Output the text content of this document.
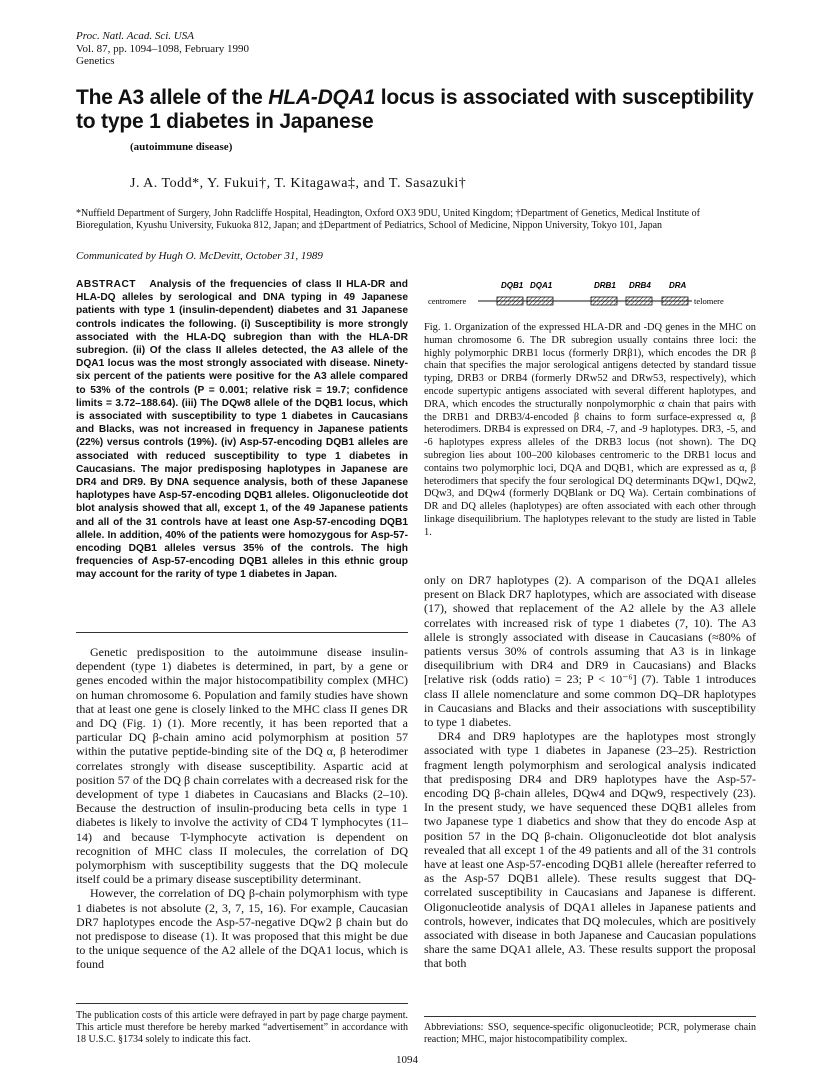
Proc. Natl. Acad. Sci. USA
Vol. 87, pp. 1094–1098, February 1990
Genetics
The A3 allele of the HLA-DQA1 locus is associated with susceptibility to type 1 diabetes in Japanese
(autoimmune disease)
J. A. Todd*, Y. Fukui†, T. Kitagawa‡, and T. Sasazuki†
*Nuffield Department of Surgery, John Radcliffe Hospital, Headington, Oxford OX3 9DU, United Kingdom; †Department of Genetics, Medical Institute of Bioregulation, Kyushu University, Fukuoka 812, Japan; and ‡Department of Pediatrics, School of Medicine, Nippon University, Tokyo 101, Japan
Communicated by Hugh O. McDevitt, October 31, 1989
ABSTRACT Analysis of the frequencies of class II HLA-DR and HLA-DQ alleles by serological and DNA typing in 49 Japanese patients with type 1 (insulin-dependent) diabetes and 31 Japanese controls indicates the following. (i) Susceptibility is more strongly associated with the HLA-DQ subregion than with the HLA-DR subregion. (ii) Of the class II alleles detected, the A3 allele of the DQA1 locus was the most strongly associated with disease. Ninety-six percent of the patients were positive for the A3 allele compared to 53% of the controls (P = 0.001; relative risk = 19.7; confidence limits = 3.72–188.64). (iii) The DQw8 allele of the DQB1 locus, which is associated with susceptibility to type 1 diabetes in Caucasians and Blacks, was not increased in frequency in Japanese patients (22%) versus controls (19%). (iv) Asp-57-encoding DQB1 alleles are associated with reduced susceptibility to type 1 diabetes in Caucasians. The major predisposing haplotypes in Japanese are DR4 and DR9. By DNA sequence analysis, both of these Japanese haplotypes have Asp-57-encoding DQB1 alleles. Oligonucleotide dot blot analysis showed that all, except 1, of the 49 Japanese patients and all of the 31 controls have at least one Asp-57-encoding DQB1 allele. In addition, 40% of the patients were homozygous for Asp-57-encoding DQB1 alleles versus 35% of the controls. The high frequencies of Asp-57-encoding DQB1 alleles in this ethnic group may account for the rarity of type 1 diabetes in Japan.

Genetic predisposition to the autoimmune disease insulin-dependent (type 1) diabetes is determined, in part, by a gene or genes encoded within the major histocompatibility complex (MHC) on human chromosome 6. Population and family studies have shown that at least one gene is closely linked to the MHC class II genes DR and DQ (Fig. 1) (1). More recently, it has been reported that a particular DQ β-chain amino acid polymorphism at position 57 within the putative peptide-binding site of the DQ α, β heterodimer correlates strongly with disease susceptibility. Aspartic acid at position 57 of the DQ β chain correlates with a decreased risk for the development of type 1 diabetes in Caucasians and Blacks (2–10). Because the destruction of insulin-producing beta cells in type 1 diabetes is likely to involve the activity of CD4 T lymphocytes (11–14) and because T-lymphocyte activation is dependent on recognition of MHC class II molecules, the correlation of DQ polymorphism with susceptibility suggests that the DQ molecule itself could be a primary disease susceptibility determinant.

However, the correlation of DQ β-chain polymorphism with type 1 diabetes is not absolute (2, 3, 7, 15, 16). For example, Caucasian DR7 haplotypes encode the Asp-57-negative DQw2 β chain but do not predispose to disease (1). It was proposed that this might be due to the unique sequence of the A2 allele of the DQA1 locus, which is found

The publication costs of this article were defrayed in part by page charge payment. This article must therefore be hereby marked “advertisement” in accordance with 18 U.S.C. §1734 solely to indicate this fact.
DQB1 DQA1	DRB1 DRB4 DRA
centromere	telomere
Fig. 1. Organization of the expressed HLA-DR and -DQ genes in the MHC on human chromosome 6. The DR subregion usually contains three loci: the highly polymorphic DRB1 locus (formerly DRβ1), which encodes the DR β chain that specifies the major serological antigens detected by standard tissue typing, DRB3 or DRB4 (formerly DRw52 and DRw53, respectively), which encode supertypic antigens associated with several different haplotypes, and DRA, which encodes the structurally nonpolymorphic α chain that pairs with the DRB1 and DRB3/4-encoded β chains to form surface-expressed α, β heterodimers. DRB4 is expressed on DR4, -7, and -9 haplotypes. DR3, -5, and -6 haplotypes express alleles of the DRB3 locus (not shown). The DQ subregion lies about 100–200 kilobases centromeric to the DRB1 locus and contains two polymorphic loci, DQA and DQB1, which are expressed as α, β heterodimers that specify the four serological DQ determinants DQw1, DQw2, DQw3, and DQw4 (formerly DQBlank or DQ Wa). Certain combinations of DR and DQ alleles (haplotypes) are often associated with each other through linkage disequilibrium. The haplotypes relevant to the study are listed in Table 1.

only on DR7 haplotypes (2). A comparison of the DQA1 alleles present on Black DR7 haplotypes, which are associated with disease (17), showed that replacement of the A2 allele by the A3 allele correlates with increased risk of type 1 diabetes (7, 10). The A3 allele is strongly associated with disease in Caucasians (≈80% of patients versus 30% of controls assuming that A3 is in linkage disequilibrium with DR4 and DR9 in Caucasians) and Blacks [relative risk (odds ratio) = 23; P < 10⁻⁶] (7). Table 1 introduces class II allele nomenclature and some common DQ–DR haplotypes in Caucasians and Blacks and their associations with susceptibility to type 1 diabetes.

DR4 and DR9 haplotypes are the haplotypes most strongly associated with type 1 diabetes in Japanese (23–25). Restriction fragment length polymorphism and serological analysis indicated that predisposing DR4 and DR9 haplotypes have the Asp-57-encoding DQ β-chain alleles, DQw4 and DQw9, respectively (23). In the present study, we have sequenced these DQB1 alleles from two Japanese type 1 diabetics and show that they do encode Asp at position 57 in the DQ β-chain. Oligonucleotide dot blot analysis revealed that all except 1 of the 49 patients and all of the 31 controls have at least one Asp-57-encoding DQB1 allele (hereafter referred to as the Asp-57 DQB1 allele). These results suggest that DQ-correlated susceptibility in Caucasians and Japanese is different. Oligonucleotide analysis of DQA1 alleles in Japanese patients and controls, however, indicates that DQ molecules, which are positively associated with disease in both Japanese and Caucasian populations share the same DQA1 allele, A3. These results support the proposal that both

Abbreviations: SSO, sequence-specific oligonucleotide; PCR, polymerase chain reaction; MHC, major histocompatibility complex.
1094
